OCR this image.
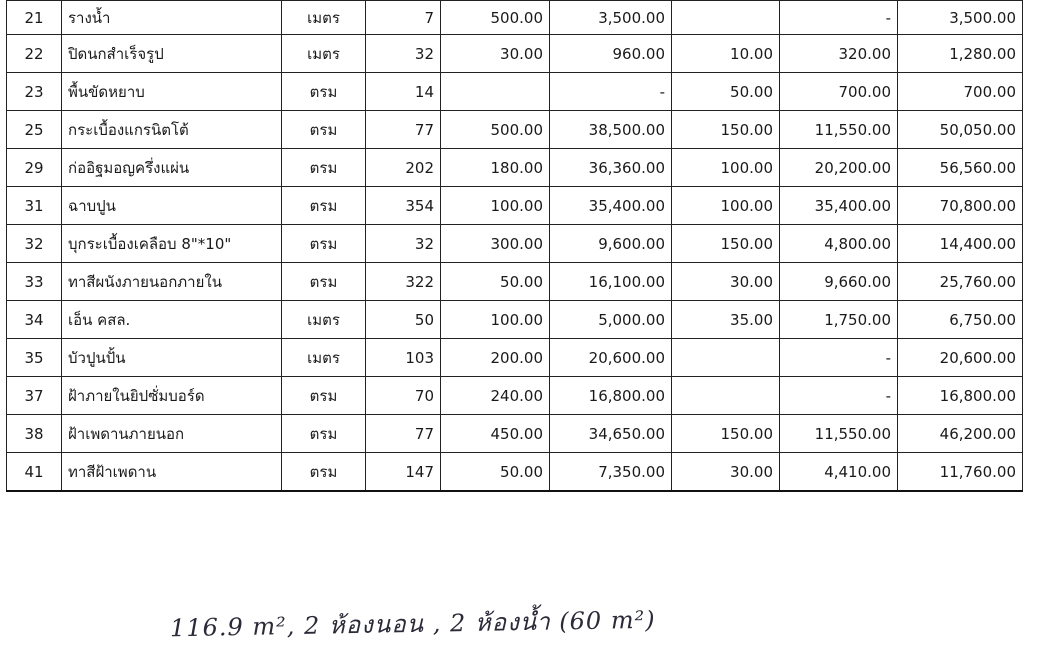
21	รางน้ำ	เมตร	7	500.00	3,500.00		-	3,500.00
22	ปิดนกสำเร็จรูป	เมตร	32	30.00	960.00	10.00	320.00	1,280.00
23	พื้นขัดหยาบ	ตรม	14		-	50.00	700.00	700.00
25	กระเบื้องแกรนิตโต้	ตรม	77	500.00	38,500.00	150.00	11,550.00	50,050.00
29	ก่ออิฐมอญครึ่งแผ่น	ตรม	202	180.00	36,360.00	100.00	20,200.00	56,560.00
31	ฉาบปูน	ตรม	354	100.00	35,400.00	100.00	35,400.00	70,800.00
32	บุกระเบื้องเคลือบ 8"*10"	ตรม	32	300.00	9,600.00	150.00	4,800.00	14,400.00
33	ทาสีผนังภายนอกภายใน	ตรม	322	50.00	16,100.00	30.00	9,660.00	25,760.00
34	เอ็น คสล.	เมตร	50	100.00	5,000.00	35.00	1,750.00	6,750.00
35	บัวปูนปั้น	เมตร	103	200.00	20,600.00		-	20,600.00
37	ฝ้าภายในยิปซั่มบอร์ด	ตรม	70	240.00	16,800.00		-	16,800.00
38	ฝ้าเพดานภายนอก	ตรม	77	450.00	34,650.00	150.00	11,550.00	46,200.00
41	ทาสีฝ้าเพดาน	ตรม	147	50.00	7,350.00	30.00	4,410.00	11,760.00
116.9 m², 2 ห้องนอน , 2 ห้องน้ำ (60 m²)
